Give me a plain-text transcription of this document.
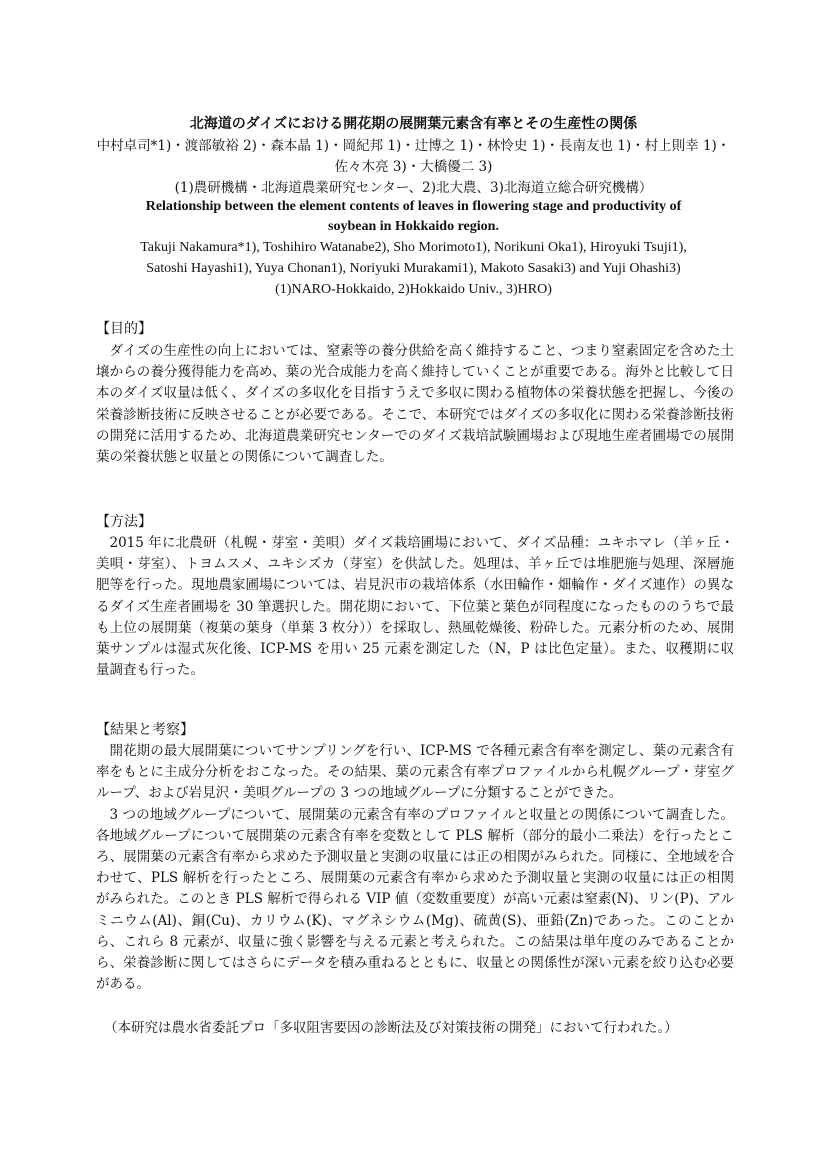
北海道のダイズにおける開花期の展開葉元素含有率とその生産性の関係
中村卓司*1)・渡部敏裕 2)・森本晶 1)・岡紀邦 1)・辻博之 1)・林怜史 1)・長南友也 1)・村上則幸 1)・
佐々木亮 3)・大橋優二 3)
(1)農研機構・北海道農業研究センター、2)北大農、3)北海道立総合研究機構）
Relationship between the element contents of leaves in flowering stage and productivity of
soybean in Hokkaido region.
Takuji Nakamura*1), Toshihiro Watanabe2), Sho Morimoto1), Norikuni Oka1), Hiroyuki Tsuji1),
Satoshi Hayashi1), Yuya Chonan1), Noriyuki Murakami1), Makoto Sasaki3) and Yuji Ohashi3)
(1)NARO-Hokkaido, 2)Hokkaido Univ., 3)HRO)
【目的】

ダイズの生産性の向上においては、窒素等の養分供給を高く維持すること、つまり窒素固定を含めた土壌からの養分獲得能力を高め、葉の光合成能力を高く維持していくことが重要である。海外と比較して日本のダイズ収量は低く、ダイズの多収化を目指すうえで多収に関わる植物体の栄養状態を把握し、今後の栄養診断技術に反映させることが必要である。そこで、本研究ではダイズの多収化に関わる栄養診断技術の開発に活用するため、北海道農業研究センターでのダイズ栽培試験圃場および現地生産者圃場での展開葉の栄養状態と収量との関係について調査した。

【方法】

2015 年に北農研（札幌・芽室・美唄）ダイズ栽培圃場において、ダイズ品種：ユキホマレ（羊ヶ丘・美唄・芽室）、トヨムスメ、ユキシズカ（芽室）を供試した。処理は、羊ヶ丘では堆肥施与処理、深層施肥等を行った。現地農家圃場については、岩見沢市の栽培体系（水田輪作・畑輪作・ダイズ連作）の異なるダイズ生産者圃場を 30 筆選択した。開花期において、下位葉と葉色が同程度になったもののうちで最も上位の展開葉（複葉の葉身（単葉 3 枚分））を採取し、熱風乾燥後、粉砕した。元素分析のため、展開葉サンプルは湿式灰化後、ICP-MS を用い 25 元素を測定した（N，P は比色定量）。また、収穫期に収量調査も行った。

【結果と考察】

開花期の最大展開葉についてサンプリングを行い、ICP-MS で各種元素含有率を測定し、葉の元素含有率をもとに主成分分析をおこなった。その結果、葉の元素含有率プロファイルから札幌グループ・芽室グループ、および岩見沢・美唄グループの 3 つの地域グループに分類することができた。

3 つの地域グループについて、展開葉の元素含有率のプロファイルと収量との関係について調査した。各地域グループについて展開葉の元素含有率を変数として PLS 解析（部分的最小二乗法）を行ったところ、展開葉の元素含有率から求めた予測収量と実測の収量には正の相関がみられた。同様に、全地域を合わせて、PLS 解析を行ったところ、展開葉の元素含有率から求めた予測収量と実測の収量には正の相関がみられた。このとき PLS 解析で得られる VIP 値（変数重要度）が高い元素は窒素(N)、リン(P)、アルミニウム(Al)、銅(Cu)、カリウム(K)、マグネシウム(Mg)、硫黄(S)、亜鉛(Zn)であった。このことから、これら 8 元素が、収量に強く影響を与える元素と考えられた。この結果は単年度のみであることから、栄養診断に関してはさらにデータを積み重ねるとともに、収量との関係性が深い元素を絞り込む必要がある。

（本研究は農水省委託プロ「多収阻害要因の診断法及び対策技術の開発」において行われた。）
